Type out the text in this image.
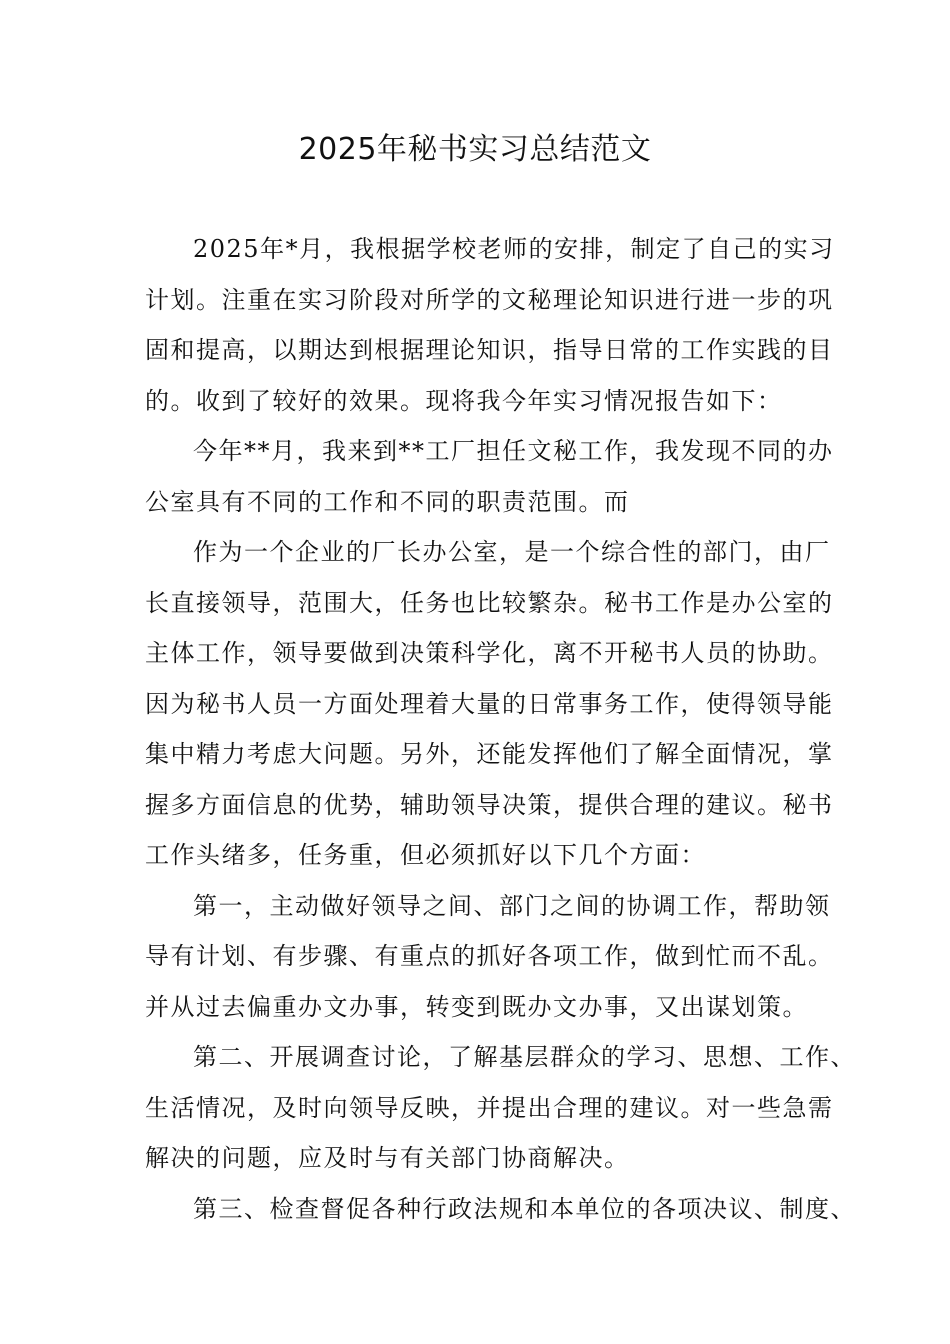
2025年秘书实习总结范文
2025年*月，我根据学校老师的安排，制定了自己的实习
计划。注重在实习阶段对所学的文秘理论知识进行进一步的巩
固和提高，以期达到根据理论知识，指导日常的工作实践的目
的。收到了较好的效果。现将我今年实习情况报告如下：
今年**月，我来到**工厂担任文秘工作，我发现不同的办
公室具有不同的工作和不同的职责范围。而
作为一个企业的厂长办公室，是一个综合性的部门，由厂
长直接领导，范围大，任务也比较繁杂。秘书工作是办公室的
主体工作，领导要做到决策科学化，离不开秘书人员的协助。
因为秘书人员一方面处理着大量的日常事务工作，使得领导能
集中精力考虑大问题。另外，还能发挥他们了解全面情况，掌
握多方面信息的优势，辅助领导决策，提供合理的建议。秘书
工作头绪多，任务重，但必须抓好以下几个方面：
第一，主动做好领导之间、部门之间的协调工作，帮助领
导有计划、有步骤、有重点的抓好各项工作，做到忙而不乱。
并从过去偏重办文办事，转变到既办文办事，又出谋划策。
第二、开展调查讨论，了解基层群众的学习、思想、工作、
生活情况，及时向领导反映，并提出合理的建议。对一些急需
解决的问题，应及时与有关部门协商解决。
第三、检查督促各种行政法规和本单位的各项决议、制度、
